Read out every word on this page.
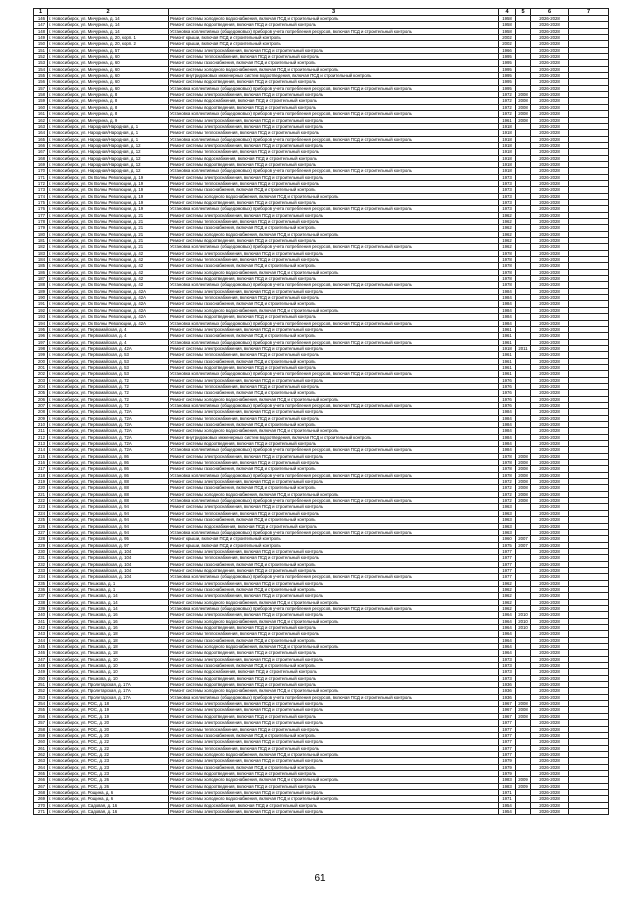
1	2	3	4	5	6	7
146	г. Новосибирск, ул. Мичурина, д. 14	Ремонт системы холодного водоснабжения, включая ПСД и строительный контроль	1958		2026-2028	
147	г. Новосибирск, ул. Мичурина, д. 14	Ремонт системы водоотведения, включая ПСД и строительный контроль	1958		2026-2028	
148	г. Новосибирск, ул. Мичурина, д. 14	Установка коллективных (общедомовых) приборов учета потребления ресурсов, включая ПСД и строительный контроль	1958		2026-2028	
149	г. Новосибирск, ул. Мичурина, д. 20, корп. 1	Ремонт крыши, включая ПСД и строительный контроль	2002		2026-2028	
150	г. Новосибирск, ул. Мичурина, д. 20, корп. 2	Ремонт крыши, включая ПСД и строительный контроль	2002		2026-2028	
151	г. Новосибирск, ул. Мичурина, д. 57	Ремонт системы электроснабжения, включая ПСД и строительный контроль	1966		2026-2028	
152	г. Новосибирск, ул. Мичурина, д. 60	Ремонт системы теплоснабжения, включая ПСД и строительный контроль	1995		2026-2028	
153	г. Новосибирск, ул. Мичурина, д. 60	Ремонт системы газоснабжения, включая ПСД и строительный контроль	1995		2026-2028	
154	г. Новосибирск, ул. Мичурина, д. 60	Ремонт системы холодного водоснабжения, включая ПСД и строительный контроль	1995		2026-2028	
155	г. Новосибирск, ул. Мичурина, д. 60	Ремонт внутридомовых инженерных систем водоотведения, включая ПСД и строительный контроль	1995		2026-2028	
156	г. Новосибирск, ул. Мичурина, д. 60	Ремонт системы водоотведения, включая ПСД и строительный контроль	1995		2026-2028	
157	г. Новосибирск, ул. Мичурина, д. 60	Установка коллективных (общедомовых) приборов учета потребления ресурсов, включая ПСД и строительный контроль	1995		2026-2028	
158	г. Новосибирск, ул. Мичурина, д. 8	Ремонт системы электроснабжения, включая ПСД и строительный контроль	1972	2008	2026-2028	
159	г. Новосибирск, ул. Мичурина, д. 8	Ремонт системы водоснабжения, включая ПСД и строительный контроль	1972	2008	2026-2028	
160	г. Новосибирск, ул. Мичурина, д. 8	Ремонт системы водоотведения, включая ПСД и строительный контроль	1972	2008	2026-2028	
161	г. Новосибирск, ул. Мичурина, д. 8	Установка коллективных (общедомовых) приборов учета потребления ресурсов, включая ПСД и строительный контроль	1972	2008	2026-2028	
162	г. Новосибирск, ул. Мичурина, д. 9	Ремонт системы электроснабжения, включая ПСД и строительный контроль	1961	2008	2026-2028	
163	г. Новосибирск, ул. Народная/Народная, д. 1	Ремонт системы электроснабжения, включая ПСД и строительный контроль	1918		2026-2028	
164	г. Новосибирск, ул. Народная/Народная, д. 1	Ремонт системы теплоснабжения, включая ПСД и строительный контроль	1918		2026-2028	
165	г. Новосибирск, ул. Народная/Народная, д. 1	Установка коллективных (общедомовых) приборов учета потребления ресурсов, включая ПСД и строительный контроль	1918		2026-2028	
166	г. Новосибирск, ул. Народная/Народная, д. 12	Ремонт системы электроснабжения, включая ПСД и строительный контроль	1918		2026-2028	
167	г. Новосибирск, ул. Народная/Народная, д. 12	Ремонт системы теплоснабжения, включая ПСД и строительный контроль	1918		2026-2028	
168	г. Новосибирск, ул. Народная/Народная, д. 12	Ремонт системы водоснабжения, включая ПСД и строительный контроль	1918		2026-2028	
169	г. Новосибирск, ул. Народная/Народная, д. 12	Ремонт системы водоотведения, включая ПСД и строительный контроль	1918		2026-2028	
170	г. Новосибирск, ул. Народная/Народная, д. 12	Установка коллективных (общедомовых) приборов учета потребления ресурсов, включая ПСД и строительный контроль	1918		2026-2028	
171	г. Новосибирск, ул. Ок Волны Революции, д. 19	Ремонт системы электроснабжения, включая ПСД и строительный контроль	1973		2026-2028	
172	г. Новосибирск, ул. Ок Волны Революции, д. 19	Ремонт системы теплоснабжения, включая ПСД и строительный контроль	1973		2026-2028	
173	г. Новосибирск, ул. Ок Волны Революции, д. 19	Ремонт системы газоснабжения, включая ПСД и строительный контроль	1973		2026-2028	
174	г. Новосибирск, ул. Ок Волны Революции, д. 19	Ремонт системы холодного водоснабжения, включая ПСД и строительный контроль	1973		2026-2028	
175	г. Новосибирск, ул. Ок Волны Революции, д. 19	Ремонт системы водоотведения, включая ПСД и строительный контроль	1973		2026-2028	
176	г. Новосибирск, ул. Ок Волны Революции, д. 19	Установка коллективных (общедомовых) приборов учета потребления ресурсов, включая ПСД и строительный контроль	1973		2026-2028	
177	г. Новосибирск, ул. Ок Волны Революции, д. 21	Ремонт системы электроснабжения, включая ПСД и строительный контроль	1962		2026-2028	
178	г. Новосибирск, ул. Ок Волны Революции, д. 21	Ремонт системы теплоснабжения, включая ПСД и строительный контроль	1962		2026-2028	
179	г. Новосибирск, ул. Ок Волны Революции, д. 21	Ремонт системы газоснабжения, включая ПСД и строительный контроль	1962		2026-2028	
180	г. Новосибирск, ул. Ок Волны Революции, д. 21	Ремонт системы холодного водоснабжения, включая ПСД и строительный контроль	1962		2026-2028	
181	г. Новосибирск, ул. Ок Волны Революции, д. 21	Ремонт системы водоотведения, включая ПСД и строительный контроль	1962		2026-2028	
182	г. Новосибирск, ул. Ок Волны Революции, д. 21	Установка коллективных (общедомовых) приборов учета потребления ресурсов, включая ПСД и строительный контроль	1962		2026-2028	
183	г. Новосибирск, ул. Ок Волны Революции, д. 42	Ремонт системы электроснабжения, включая ПСД и строительный контроль	1978		2026-2028	
184	г. Новосибирск, ул. Ок Волны Революции, д. 42	Ремонт системы теплоснабжения, включая ПСД и строительный контроль	1978		2026-2028	
185	г. Новосибирск, ул. Ок Волны Революции, д. 42	Ремонт системы газоснабжения, включая ПСД и строительный контроль	1978		2026-2028	
186	г. Новосибирск, ул. Ок Волны Революции, д. 42	Ремонт системы холодного водоснабжения, включая ПСД и строительный контроль	1978		2026-2028	
187	г. Новосибирск, ул. Ок Волны Революции, д. 42	Ремонт системы водоотведения, включая ПСД и строительный контроль	1978		2026-2028	
188	г. Новосибирск, ул. Ок Волны Революции, д. 42	Установка коллективных (общедомовых) приборов учета потребления ресурсов, включая ПСД и строительный контроль	1978		2026-2028	
189	г. Новосибирск, ул. Ок Волны Революции, д. 42А	Ремонт системы электроснабжения, включая ПСД и строительный контроль	1984		2026-2028	
190	г. Новосибирск, ул. Ок Волны Революции, д. 42А	Ремонт системы теплоснабжения, включая ПСД и строительный контроль	1984		2026-2028	
191	г. Новосибирск, ул. Ок Волны Революции, д. 42А	Ремонт системы газоснабжения, включая ПСД и строительный контроль	1984		2026-2028	
192	г. Новосибирск, ул. Ок Волны Революции, д. 42А	Ремонт системы холодного водоснабжения, включая ПСД и строительный контроль	1984		2026-2028	
193	г. Новосибирск, ул. Ок Волны Революции, д. 42А	Ремонт системы водоотведения, включая ПСД и строительный контроль	1984		2026-2028	
194	г. Новосибирск, ул. Ок Волны Революции, д. 42А	Установка коллективных (общедомовых) приборов учета потребления ресурсов, включая ПСД и строительный контроль	1984		2026-2028	
195	г. Новосибирск, ул. Первомайская, д. 4	Ремонт системы электроснабжения, включая ПСД и строительный контроль	1961		2026-2028	
196	г. Новосибирск, ул. Первомайская, д. 4	Ремонт системы газоснабжения, включая ПСД и строительный контроль	1961		2026-2028	
197	г. Новосибирск, ул. Первомайская, д. 4	Установка коллективных (общедомовых) приборов учета потребления ресурсов, включая ПСД и строительный контроль	1961		2026-2028	
198	г. Новосибирск, ул. Первомайская, д. 42А	Ремонт системы электроснабжения, включая ПСД и строительный контроль	1918	2011	2026-2028	
199	г. Новосибирск, ул. Первомайская, д. 53	Ремонт системы теплоснабжения, включая ПСД и строительный контроль	1961		2026-2028	
200	г. Новосибирск, ул. Первомайская, д. 53	Ремонт системы газоснабжения, включая ПСД и строительный контроль	1961		2026-2028	
201	г. Новосибирск, ул. Первомайская, д. 53	Ремонт системы водоотведения, включая ПСД и строительный контроль	1961		2026-2028	
202	г. Новосибирск, ул. Первомайская, д. 53	Установка коллективных (общедомовых) приборов учета потребления ресурсов, включая ПСД и строительный контроль	1961		2026-2028	
203	г. Новосибирск, ул. Первомайская, д. 72	Ремонт системы электроснабжения, включая ПСД и строительный контроль	1976		2026-2028	
204	г. Новосибирск, ул. Первомайская, д. 72	Ремонт системы теплоснабжения, включая ПСД и строительный контроль	1976		2026-2028	
205	г. Новосибирск, ул. Первомайская, д. 72	Ремонт системы газоснабжения, включая ПСД и строительный контроль	1976		2026-2028	
206	г. Новосибирск, ул. Первомайская, д. 72	Ремонт системы холодного водоснабжения, включая ПСД и строительный контроль	1976		2026-2028	
207	г. Новосибирск, ул. Первомайская, д. 72	Установка коллективных (общедомовых) приборов учета потребления ресурсов, включая ПСД и строительный контроль	1976		2026-2028	
208	г. Новосибирск, ул. Первомайская, д. 72А	Ремонт системы электроснабжения, включая ПСД и строительный контроль	1984		2026-2028	
209	г. Новосибирск, ул. Первомайская, д. 72А	Ремонт системы теплоснабжения, включая ПСД и строительный контроль	1984		2026-2028	
210	г. Новосибирск, ул. Первомайская, д. 72А	Ремонт системы газоснабжения, включая ПСД и строительный контроль	1984		2026-2028	
211	г. Новосибирск, ул. Первомайская, д. 72А	Ремонт системы холодного водоснабжения, включая ПСД и строительный контроль	1984		2026-2028	
212	г. Новосибирск, ул. Первомайская, д. 72А	Ремонт внутридомовых инженерных систем водоотведения, включая ПСД и строительный контроль	1984		2026-2028	
213	г. Новосибирск, ул. Первомайская, д. 72А	Ремонт системы водоотведения, включая ПСД и строительный контроль	1984		2026-2028	
214	г. Новосибирск, ул. Первомайская, д. 72А	Установка коллективных (общедомовых) приборов учета потребления ресурсов, включая ПСД и строительный контроль	1984		2026-2028	
215	г. Новосибирск, ул. Первомайская, д. 86	Ремонт системы электроснабжения, включая ПСД и строительный контроль	1978	2008	2026-2028	
216	г. Новосибирск, ул. Первомайская, д. 86	Ремонт системы теплоснабжения, включая ПСД и строительный контроль	1978	2008	2026-2028	
217	г. Новосибирск, ул. Первомайская, д. 86	Ремонт системы газоснабжения, включая ПСД и строительный контроль	1978	2008	2026-2028	
218	г. Новосибирск, ул. Первомайская, д. 86	Установка коллективных (общедомовых) приборов учета потребления ресурсов, включая ПСД и строительный контроль	1978	2008	2026-2028	
219	г. Новосибирск, ул. Первомайская, д. 88	Ремонт системы электроснабжения, включая ПСД и строительный контроль	1972	2008	2026-2028	
220	г. Новосибирск, ул. Первомайская, д. 88	Ремонт системы газоснабжения, включая ПСД и строительный контроль	1972	2008	2026-2028	
221	г. Новосибирск, ул. Первомайская, д. 88	Ремонт системы холодного водоснабжения, включая ПСД и строительный контроль	1972	2008	2026-2028	
222	г. Новосибирск, ул. Первомайская, д. 88	Установка коллективных (общедомовых) приборов учета потребления ресурсов, включая ПСД и строительный контроль	1972	2008	2026-2028	
223	г. Новосибирск, ул. Первомайская, д. 94	Ремонт системы электроснабжения, включая ПСД и строительный контроль	1963		2026-2028	
224	г. Новосибирск, ул. Первомайская, д. 94	Ремонт системы теплоснабжения, включая ПСД и строительный контроль	1963		2026-2028	
225	г. Новосибирск, ул. Первомайская, д. 94	Ремонт системы газоснабжения, включая ПСД и строительный контроль	1963		2026-2028	
226	г. Новосибирск, ул. Первомайская, д. 94	Ремонт системы водоснабжения, включая ПСД и строительный контроль	1963		2026-2028	
227	г. Новосибирск, ул. Первомайская, д. 94	Установка коллективных (общедомовых) приборов учета потребления ресурсов, включая ПСД и строительный контроль	1963		2026-2028	
228	г. Новосибирск, ул. Первомайская, д. 95	Ремонт крыши, включая ПСД и строительный контроль	1960	2007	2026-2028	
229	г. Новосибирск, ул. Первомайская, д. 97	Ремонт крыши, включая ПСД и строительный контроль	1975	2007	2026-2028	
230	г. Новосибирск, ул. Первомайская, д. 104	Ремонт системы электроснабжения, включая ПСД и строительный контроль	1977		2026-2028	
231	г. Новосибирск, ул. Первомайская, д. 104	Ремонт системы теплоснабжения, включая ПСД и строительный контроль	1977		2026-2028	
232	г. Новосибирск, ул. Первомайская, д. 104	Ремонт системы газоснабжения, включая ПСД и строительный контроль	1977		2026-2028	
233	г. Новосибирск, ул. Первомайская, д. 104	Ремонт системы водоотведения, включая ПСД и строительный контроль	1977		2026-2028	
234	г. Новосибирск, ул. Первомайская, д. 104	Установка коллективных (общедомовых) приборов учета потребления ресурсов, включая ПСД и строительный контроль	1977		2026-2028	
235	г. Новосибирск, ул. Пешкова, д. 1	Ремонт системы электроснабжения, включая ПСД и строительный контроль	1962		2026-2028	
236	г. Новосибирск, ул. Пешкова, д. 1	Ремонт системы газоснабжения, включая ПСД и строительный контроль	1962		2026-2028	
237	г. Новосибирск, ул. Пешкова, д. 14	Ремонт системы электроснабжения, включая ПСД и строительный контроль	1962		2026-2028	
238	г. Новосибирск, ул. Пешкова, д. 14	Ремонт системы холодного водоснабжения, включая ПСД и строительный контроль	1962		2026-2028	
239	г. Новосибирск, ул. Пешкова, д. 14	Установка коллективных (общедомовых) приборов учета потребления ресурсов, включая ПСД и строительный контроль	1962		2026-2028	
240	г. Новосибирск, ул. Пешкова, д. 16	Ремонт системы электроснабжения, включая ПСД и строительный контроль	1964	2010	2026-2028	
241	г. Новосибирск, ул. Пешкова, д. 16	Ремонт системы холодного водоснабжения, включая ПСД и строительный контроль	1964	2010	2026-2028	
242	г. Новосибирск, ул. Пешкова, д. 16	Ремонт системы водоотведения, включая ПСД и строительный контроль	1964	2010	2026-2028	
243	г. Новосибирск, ул. Пешкова, д. 18	Ремонт системы теплоснабжения, включая ПСД и строительный контроль	1964		2026-2028	
244	г. Новосибирск, ул. Пешкова, д. 18	Ремонт системы газоснабжения, включая ПСД и строительный контроль	1964		2026-2028	
245	г. Новосибирск, ул. Пешкова, д. 18	Ремонт системы холодного водоснабжения, включая ПСД и строительный контроль	1964		2026-2028	
246	г. Новосибирск, ул. Пешкова, д. 18	Ремонт системы водоотведения, включая ПСД и строительный контроль	1964		2026-2028	
247	г. Новосибирск, ул. Пешкова, д. 10	Ремонт системы электроснабжения, включая ПСД и строительный контроль	1973		2026-2028	
248	г. Новосибирск, ул. Пешкова, д. 10	Ремонт системы газоснабжения, включая ПСД и строительный контроль	1973		2026-2028	
249	г. Новосибирск, ул. Пешкова, д. 10	Ремонт системы водоснабжения, включая ПСД и строительный контроль	1973		2026-2028	
250	г. Новосибирск, ул. Пешкова, д. 10	Ремонт системы водоотведения, включая ПСД и строительный контроль	1973		2026-2028	
251	г. Новосибирск, ул. Пролетарская, д. 17А	Ремонт системы водоотведения, включая ПСД и строительный контроль	1936		2026-2028	
252	г. Новосибирск, ул. Пролетарская, д. 17А	Ремонт системы холодного водоснабжения, включая ПСД и строительный контроль	1936		2026-2028	
253	г. Новосибирск, ул. Пролетарская, д. 17А	Установка коллективных (общедомовых) приборов учета потребления ресурсов, включая ПСД и строительный контроль	1936		2026-2028	
254	г. Новосибирск, ул. РОС, д. 18	Ремонт системы электроснабжения, включая ПСД и строительный контроль	1967	2008	2026-2028	
255	г. Новосибирск, ул. РОС, д. 19	Ремонт системы электроснабжения, включая ПСД и строительный контроль	1967	2008	2026-2028	
256	г. Новосибирск, ул. РОС, д. 19	Ремонт системы водоотведения, включая ПСД и строительный контроль	1967	2008	2026-2028	
257	г. Новосибирск, ул. РОС, д. 20	Ремонт системы электроснабжения, включая ПСД и строительный контроль	1977		2026-2028	
258	г. Новосибирск, ул. РОС, д. 20	Ремонт системы теплоснабжения, включая ПСД и строительный контроль	1977		2026-2028	
259	г. Новосибирск, ул. РОС, д. 20	Ремонт системы газоснабжения, включая ПСД и строительный контроль	1977		2026-2028	
260	г. Новосибирск, ул. РОС, д. 22	Ремонт системы электроснабжения, включая ПСД и строительный контроль	1977		2026-2028	
261	г. Новосибирск, ул. РОС, д. 22	Ремонт системы теплоснабжения, включая ПСД и строительный контроль	1977		2026-2028	
262	г. Новосибирск, ул. РОС, д. 22	Ремонт системы холодного водоснабжения, включая ПСД и строительный контроль	1977		2026-2028	
263	г. Новосибирск, ул. РОС, д. 23	Ремонт системы электроснабжения, включая ПСД и строительный контроль	1979		2026-2028	
264	г. Новосибирск, ул. РОС, д. 23	Ремонт системы газоснабжения, включая ПСД и строительный контроль	1979		2026-2028	
265	г. Новосибирск, ул. РОС, д. 23	Ремонт системы водоотведения, включая ПСД и строительный контроль	1979		2026-2028	
266	г. Новосибирск, ул. РОС, д. 26	Ремонт системы холодного водоснабжения, включая ПСД и строительный контроль	1983	2009	2026-2028	
267	г. Новосибирск, ул. РОС, д. 26	Ремонт системы водоотведения, включая ПСД и строительный контроль	1983	2009	2026-2028	
268	г. Новосибирск, ул. Рощина, д. 6	Ремонт системы электроснабжения, включая ПСД и строительный контроль	1971		2026-2028	
269	г. Новосибирск, ул. Рощина, д. 6	Ремонт системы холодного водоснабжения, включая ПСД и строительный контроль	1971		2026-2028	
270	г. Новосибирск, ул. Садовая, д. 16	Ремонт системы водоснабжения, включая ПСД и строительный контроль	1954		2026-2028	
271	г. Новосибирск, ул. Садовая, д. 16	Ремонт системы электроснабжения, включая ПСД и строительный контроль	1954		2026-2028	
61
